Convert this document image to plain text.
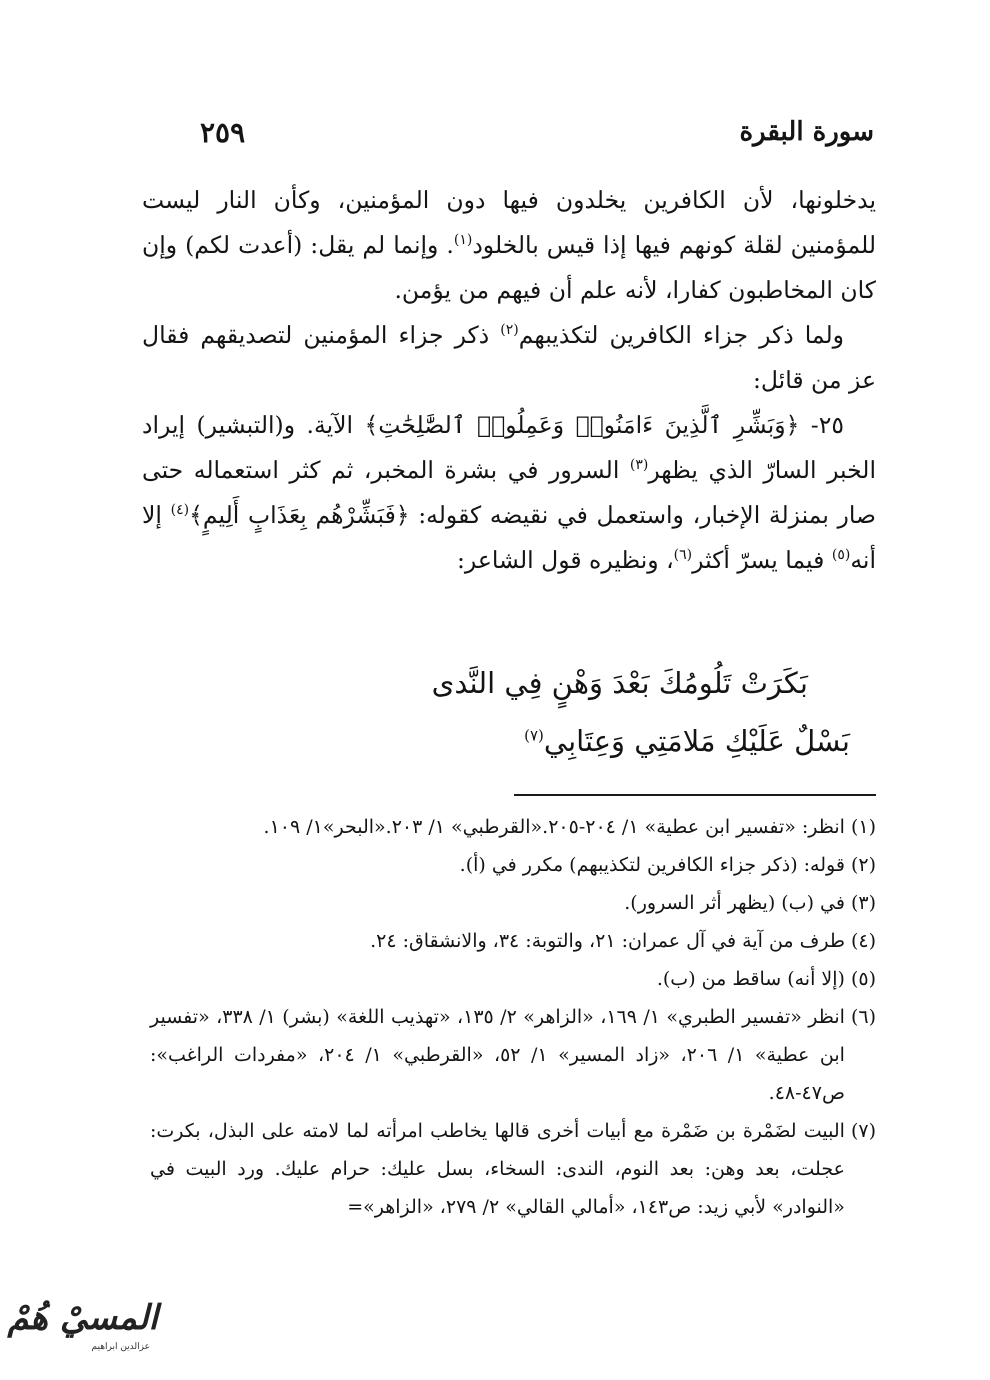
سورة البقرة
٢٥٩

يدخلونها، لأن الكافرين يخلدون فيها دون المؤمنين، وكأن النار ليست للمؤمنين لقلة كونهم فيها إذا قيس بالخلود$^{(١)}$. وإنما لم يقل: (أعدت لكم) وإن كان المخاطبون كفارا، لأنه علم أن فيهم من يؤمن.

ولما ذكر جزاء الكافرين لتكذيبهم$^{(٢)}$ ذكر جزاء المؤمنين لتصديقهم فقال عز من قائل:

٢٥- ﴿وَبَشِّرِ ٱلَّذِينَ ءَامَنُوا۟ وَعَمِلُوا۟ ٱلصَّٰلِحَٰتِ﴾ الآية. و(التبشير) إيراد الخبر السارّ الذي يظهر$^{(٣)}$ السرور في بشرة المخبر، ثم كثر استعماله حتى صار بمنزلة الإخبار، واستعمل في نقيضه كقوله: ﴿فَبَشِّرْهُم بِعَذَابٍ أَلِيمٍ﴾$^{(٤)}$ إلا أنه$^{(٥)}$ فيما يسرّ أكثر$^{(٦)}$، ونظيره قول الشاعر:

بَكَرَتْ تَلُومُكَ بَعْدَ وَهْنٍ فِي النَّدى
بَسْلٌ عَلَيْكِ مَلامَتِي وَعِتَابِي$^{(٧)}$
(١)
انظر: «تفسير ابن عطية» ١/ ٢٠٤-٢٠٥.«القرطبي» ١/ ٢٠٣.«البحر»١/ ١٠٩.
(٢)
قوله: (ذكر جزاء الكافرين لتكذيبهم) مكرر في (أ).
(٣)
في (ب) (يظهر أثر السرور).
(٤)
طرف من آية في آل عمران: ٢١، والتوبة: ٣٤، والانشقاق: ٢٤.
(٥)
(إلا أنه) ساقط من (ب).
(٦)
انظر «تفسير الطبري» ١/ ١٦٩، «الزاهر» ٢/ ١٣٥، «تهذيب اللغة» (بشر) ١/ ٣٣٨، «تفسير ابن عطية» ١/ ٢٠٦، «زاد المسير» ١/ ٥٢، «القرطبي» ١/ ٢٠٤، «مفردات الراغب»: ص٤٧-٤٨.
(٧)
البيت لضَمْرة بن ضَمْرة مع أبيات أخرى قالها يخاطب امرأته لما لامته على البذل، بكرت: عجلت، بعد وهن: بعد النوم، الندى: السخاء، بسل عليك: حرام عليك. ورد البيت في «النوادر» لأبي زيد: ص١٤٣، «أمالي القالي» ٢/ ٢٧٩، «الزاهر»=
المسيْ هُمْ
عزالدين ابراهيم
